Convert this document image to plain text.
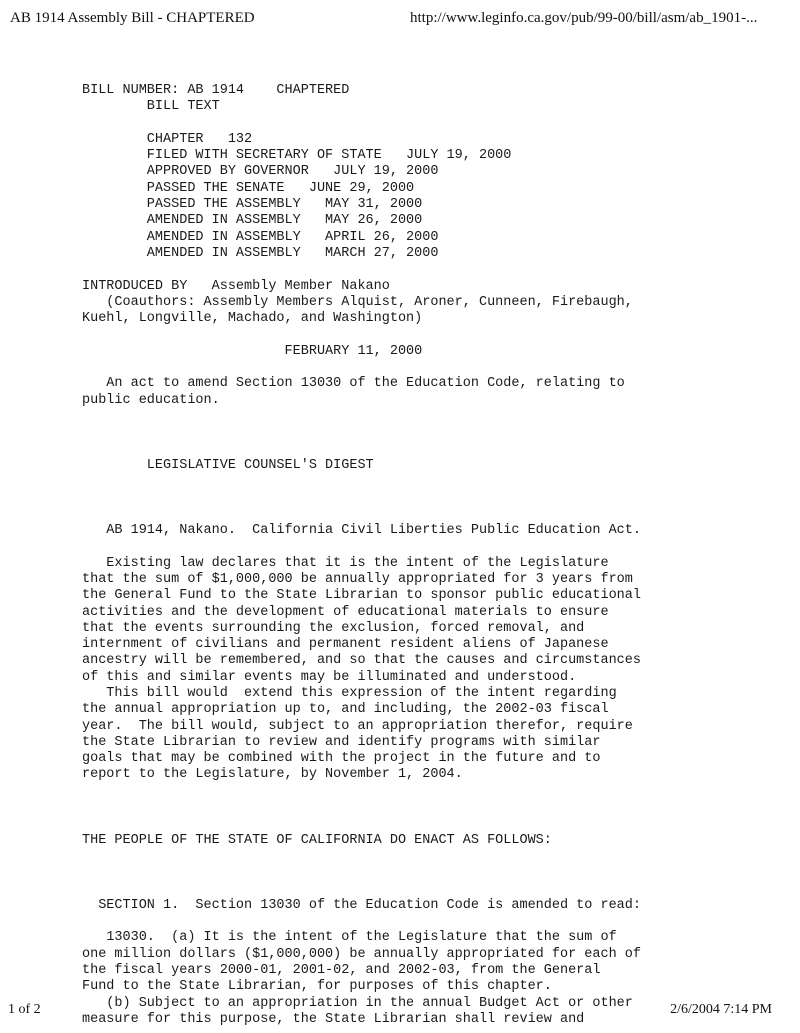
AB 1914 Assembly Bill - CHAPTERED	http://www.leginfo.ca.gov/pub/99-00/bill/asm/ab_1901-...
BILL NUMBER: AB 1914    CHAPTERED
BILL TEXT
CHAPTER   132
FILED WITH SECRETARY OF STATE   JULY 19, 2000
APPROVED BY GOVERNOR   JULY 19, 2000
PASSED THE SENATE   JUNE 29, 2000
PASSED THE ASSEMBLY   MAY 31, 2000
AMENDED IN ASSEMBLY   MAY 26, 2000
AMENDED IN ASSEMBLY   APRIL 26, 2000
AMENDED IN ASSEMBLY   MARCH 27, 2000
INTRODUCED BY   Assembly Member Nakano
(Coauthors: Assembly Members Alquist, Aroner, Cunneen, Firebaugh,
Kuehl, Longville, Machado, and Washington)
FEBRUARY 11, 2000
An act to amend Section 13030 of the Education Code, relating to
public education.
LEGISLATIVE COUNSEL'S DIGEST
AB 1914, Nakano.  California Civil Liberties Public Education Act.
Existing law declares that it is the intent of the Legislature
that the sum of $1,000,000 be annually appropriated for 3 years from
the General Fund to the State Librarian to sponsor public educational
activities and the development of educational materials to ensure
that the events surrounding the exclusion, forced removal, and
internment of civilians and permanent resident aliens of Japanese
ancestry will be remembered, and so that the causes and circumstances
of this and similar events may be illuminated and understood.
This bill would  extend this expression of the intent regarding
the annual appropriation up to, and including, the 2002-03 fiscal
year.  The bill would, subject to an appropriation therefor, require
the State Librarian to review and identify programs with similar
goals that may be combined with the project in the future and to
report to the Legislature, by November 1, 2004.
THE PEOPLE OF THE STATE OF CALIFORNIA DO ENACT AS FOLLOWS:
SECTION 1.  Section 13030 of the Education Code is amended to read:
13030.  (a) It is the intent of the Legislature that the sum of
one million dollars ($1,000,000) be annually appropriated for each of
the fiscal years 2000-01, 2001-02, and 2002-03, from the General
Fund to the State Librarian, for purposes of this chapter.
(b) Subject to an appropriation in the annual Budget Act or other
measure for this purpose, the State Librarian shall review and
1 of 2	2/6/2004 7:14 PM
